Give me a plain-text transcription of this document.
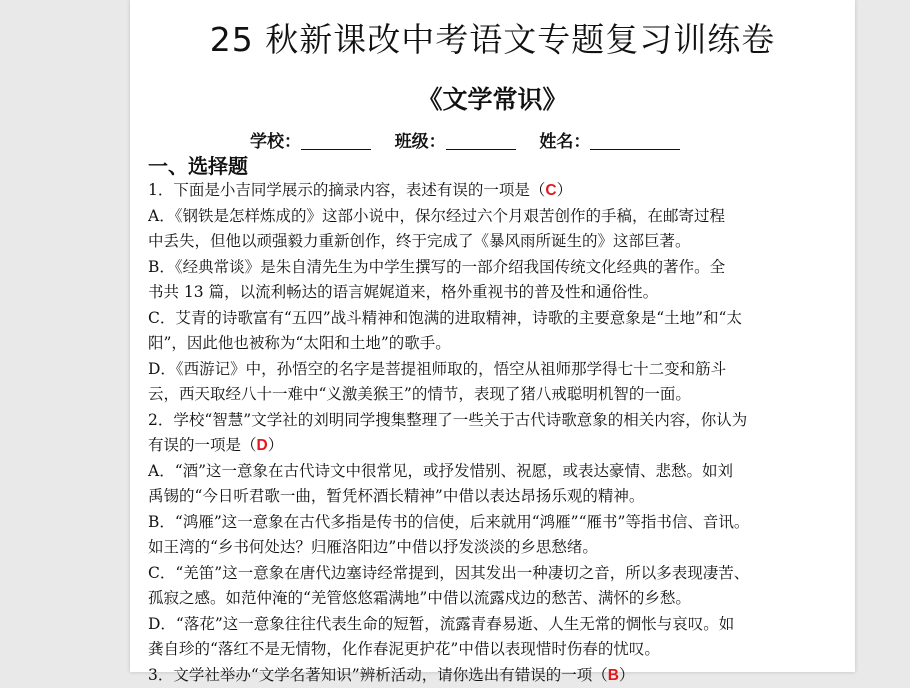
25 秋新课改中考语文专题复习训练卷
《文学常识》
学校：	班级：	姓名：
一、选择题
1．下面是小吉同学展示的摘录内容，表述有误的一项是（C）
A．《钢铁是怎样炼成的》这部小说中，保尔经过六个月艰苦创作的手稿，在邮寄过程
中丢失，但他以顽强毅力重新创作，终于完成了《暴风雨所诞生的》这部巨著。
B．《经典常谈》是朱自清先生为中学生撰写的一部介绍我国传统文化经典的著作。全
书共 13 篇，以流利畅达的语言娓娓道来，格外重视书的普及性和通俗性。
C．艾青的诗歌富有“五四”战斗精神和饱满的进取精神，诗歌的主要意象是“土地”和“太
阳”，因此他也被称为“太阳和土地”的歌手。
D．《西游记》中，孙悟空的名字是菩提祖师取的，悟空从祖师那学得七十二变和筋斗
云，西天取经八十一难中“义激美猴王”的情节，表现了猪八戒聪明机智的一面。
2．学校“智慧”文学社的刘明同学搜集整理了一些关于古代诗歌意象的相关内容，你认为
有误的一项是（D）
A．“酒”这一意象在古代诗文中很常见，或抒发惜别、祝愿，或表达豪情、悲愁。如刘
禹锡的“今日听君歌一曲，暂凭杯酒长精神”中借以表达昂扬乐观的精神。
B．“鸿雁”这一意象在古代多指是传书的信使，后来就用“鸿雁”“雁书”等指书信、音讯。
如王湾的“乡书何处达？归雁洛阳边”中借以抒发淡淡的乡思愁绪。
C．“羌笛”这一意象在唐代边塞诗经常提到，因其发出一种凄切之音，所以多表现凄苦、
孤寂之感。如范仲淹的“羌管悠悠霜满地”中借以流露戍边的愁苦、满怀的乡愁。
D．“落花”这一意象往往代表生命的短暂，流露青春易逝、人生无常的惆怅与哀叹。如
龚自珍的“落红不是无情物，化作春泥更护花”中借以表现惜时伤春的忧叹。
3．文学社举办“文学名著知识”辨析活动，请你选出有错误的一项（B）
